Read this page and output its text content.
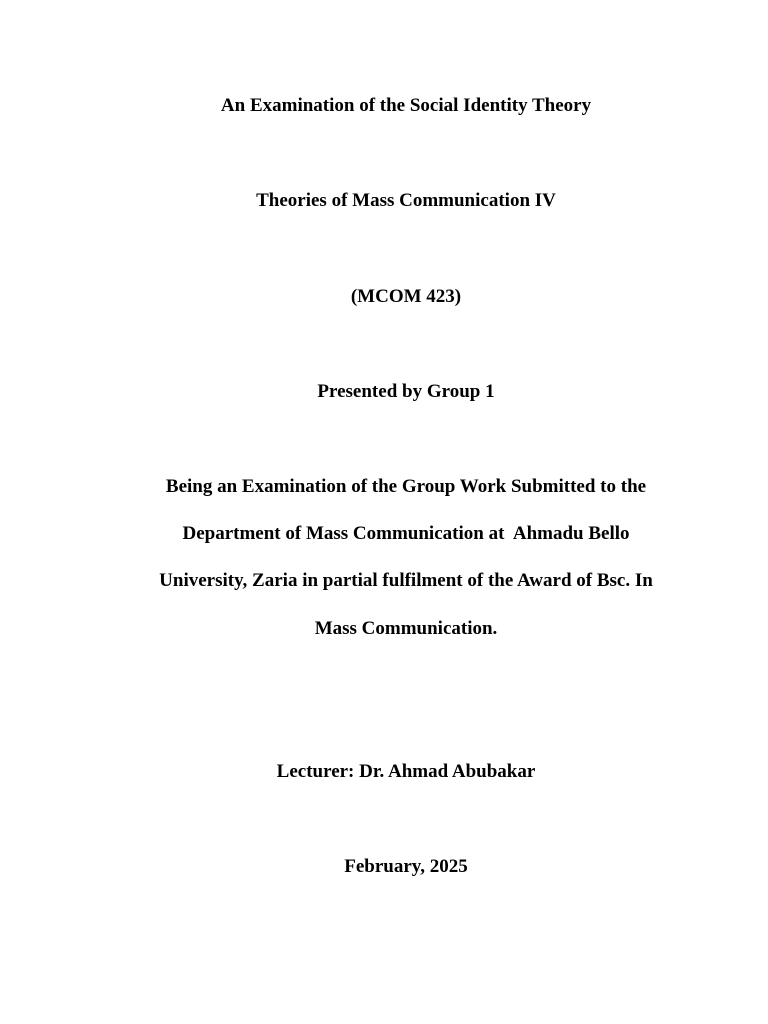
An Examination of the Social Identity Theory
Theories of Mass Communication IV
(MCOM 423)
Presented by Group 1
Being an Examination of the Group Work Submitted to the
Department of Mass Communication at  Ahmadu Bello
University, Zaria in partial fulfilment of the Award of Bsc. In
Mass Communication.
Lecturer: Dr. Ahmad Abubakar
February, 2025
